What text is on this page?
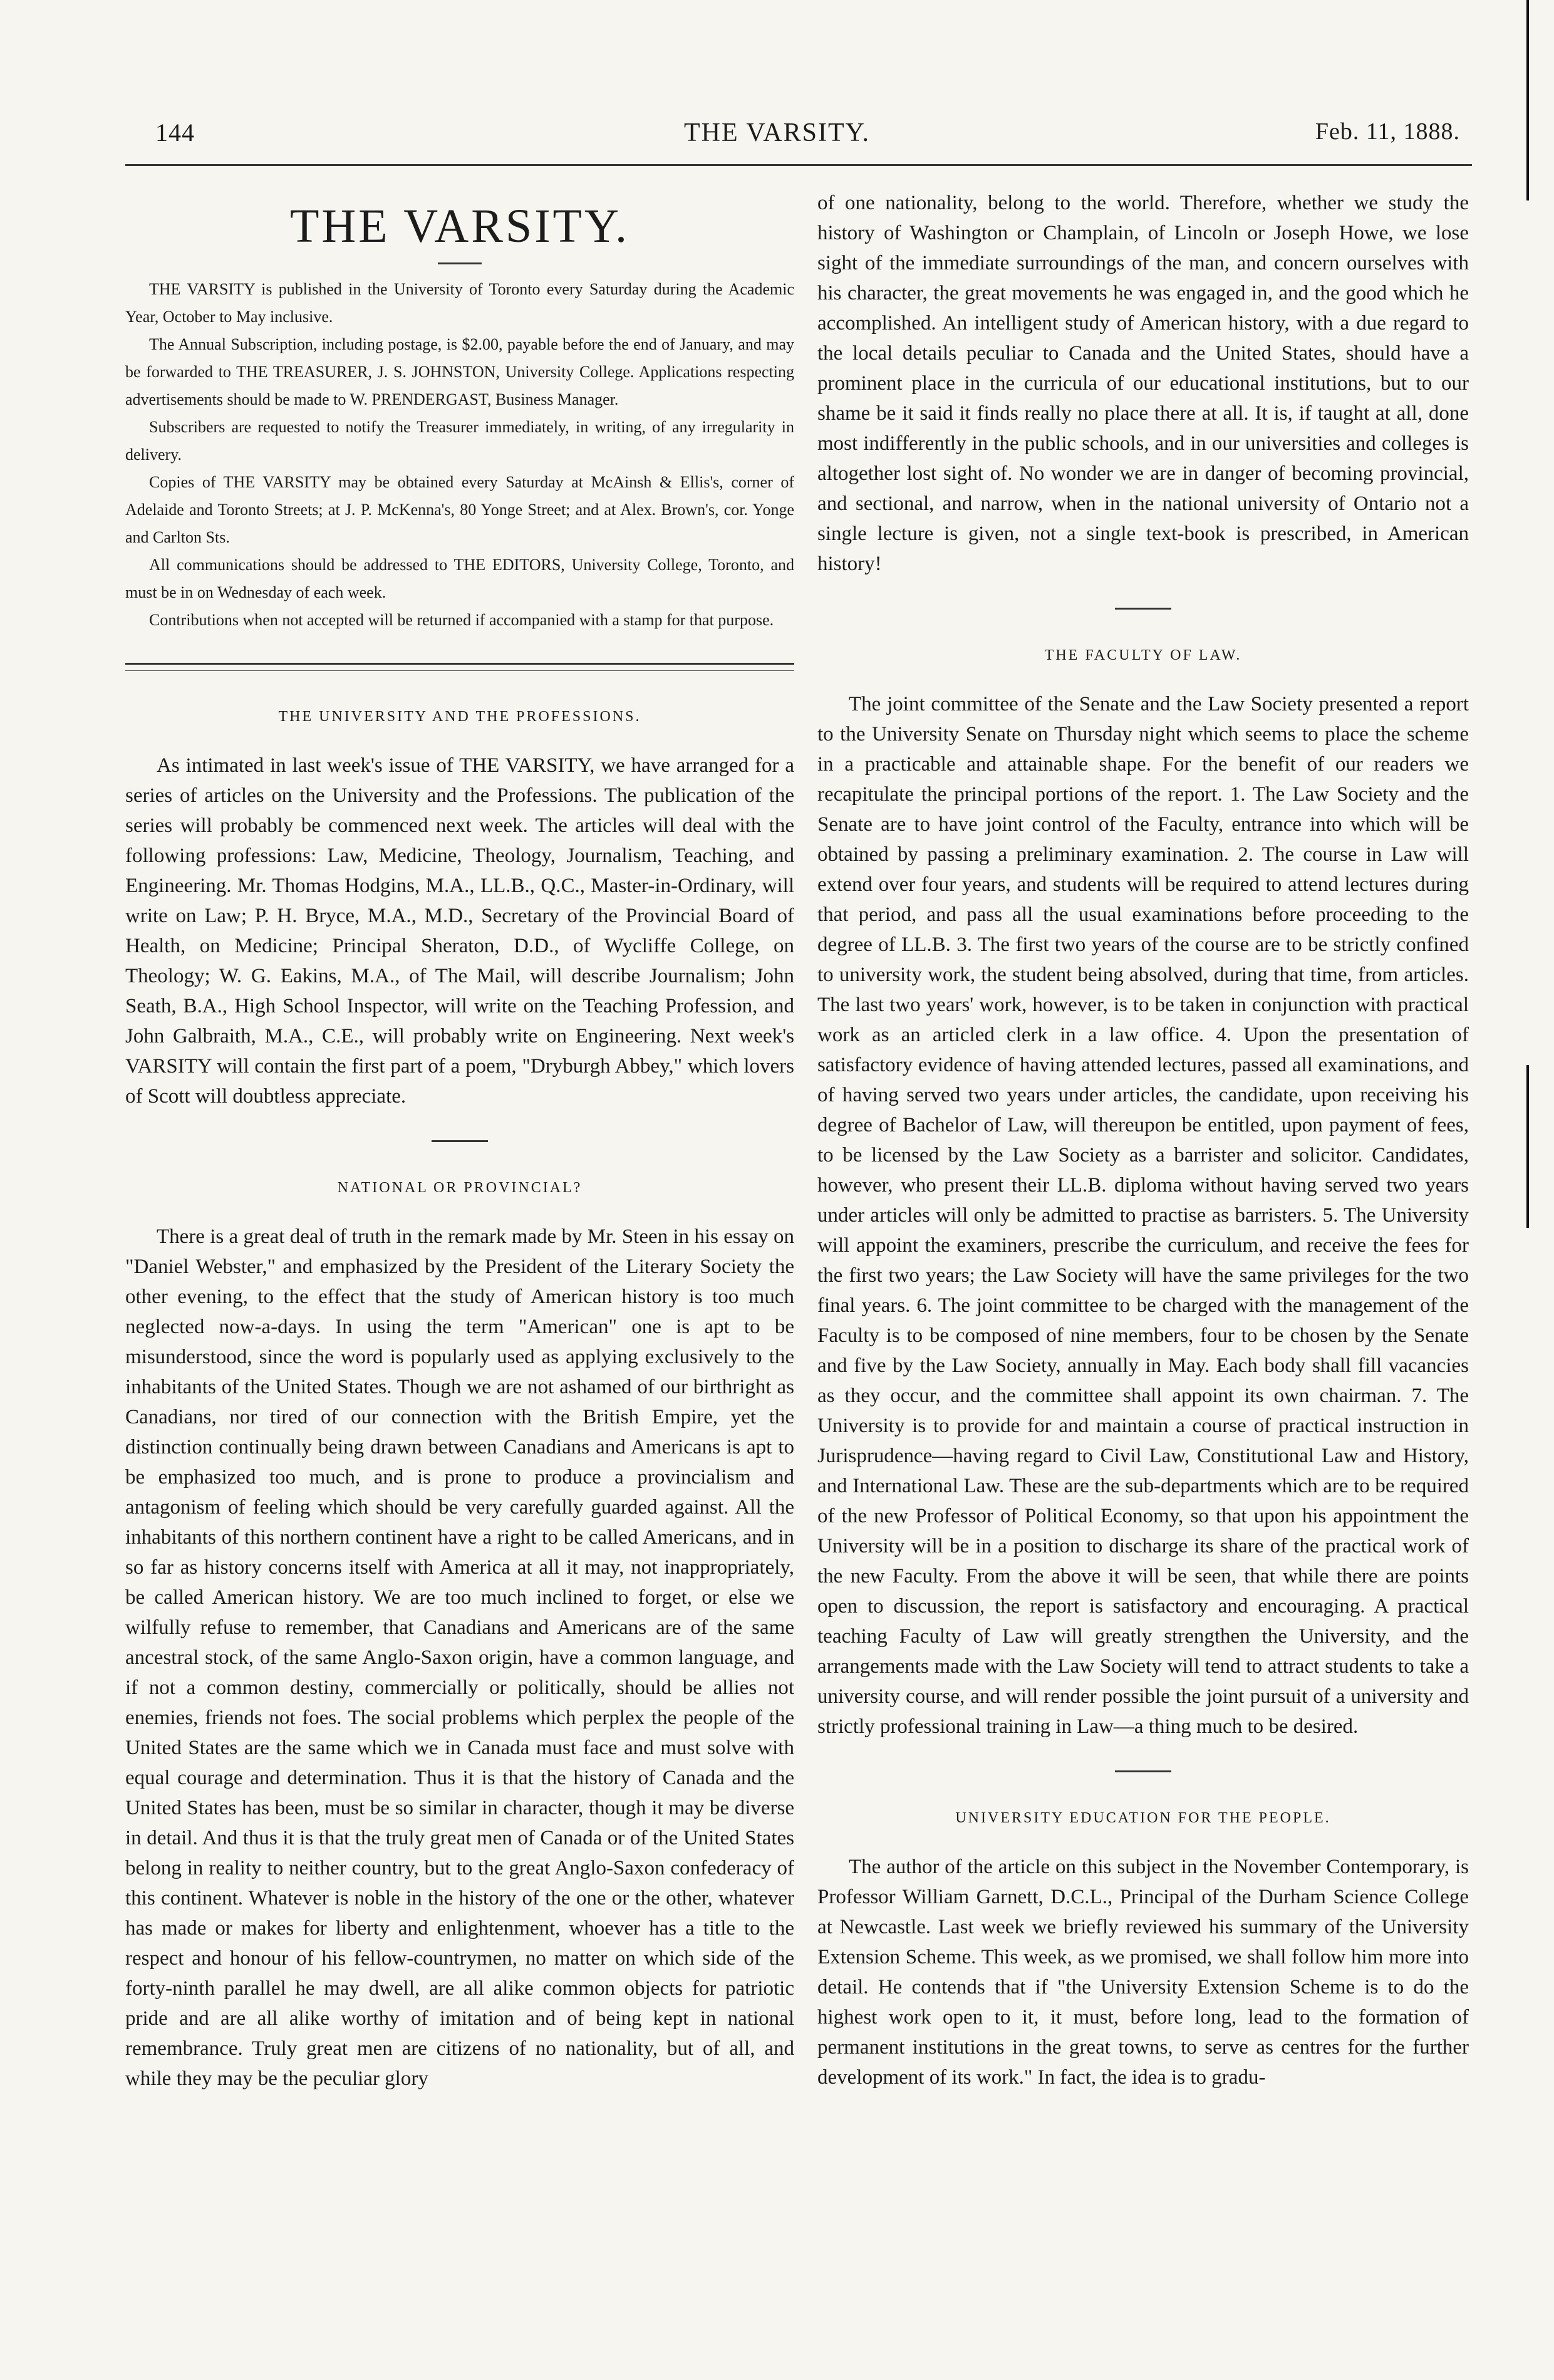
144	THE VARSITY.	Feb. 11, 1888.
THE VARSITY.

THE VARSITY is published in the University of Toronto every Saturday during the Academic Year, October to May inclusive.

The Annual Subscription, including postage, is $2.00, payable before the end of January, and may be forwarded to THE TREASURER, J. S. JOHNSTON, University College. Applications respecting advertisements should be made to W. PRENDERGAST, Business Manager.

Subscribers are requested to notify the Treasurer immediately, in writing, of any irregularity in delivery.

Copies of THE VARSITY may be obtained every Saturday at McAinsh & Ellis's, corner of Adelaide and Toronto Streets; at J. P. McKenna's, 80 Yonge Street; and at Alex. Brown's, cor. Yonge and Carlton Sts.

All communications should be addressed to THE EDITORS, University College, Toronto, and must be in on Wednesday of each week.

Contributions when not accepted will be returned if accompanied with a stamp for that purpose.

THE UNIVERSITY AND THE PROFESSIONS.

As intimated in last week's issue of THE VARSITY, we have arranged for a series of articles on the University and the Professions. The publication of the series will probably be commenced next week. The articles will deal with the following professions: Law, Medicine, Theology, Journalism, Teaching, and Engineering. Mr. Thomas Hodgins, M.A., LL.B., Q.C., Master-in-Ordinary, will write on Law; P. H. Bryce, M.A., M.D., Secretary of the Provincial Board of Health, on Medicine; Principal Sheraton, D.D., of Wycliffe College, on Theology; W. G. Eakins, M.A., of The Mail, will describe Journalism; John Seath, B.A., High School Inspector, will write on the Teaching Profession, and John Galbraith, M.A., C.E., will probably write on Engineering. Next week's VARSITY will contain the first part of a poem, "Dryburgh Abbey," which lovers of Scott will doubtless appreciate.

NATIONAL OR PROVINCIAL?

There is a great deal of truth in the remark made by Mr. Steen in his essay on "Daniel Webster," and emphasized by the President of the Literary Society the other evening, to the effect that the study of American history is too much neglected now-a-days. In using the term "American" one is apt to be misunderstood, since the word is popularly used as applying exclusively to the inhabitants of the United States. Though we are not ashamed of our birthright as Canadians, nor tired of our connection with the British Empire, yet the distinction continually being drawn between Canadians and Americans is apt to be emphasized too much, and is prone to produce a provincialism and antagonism of feeling which should be very carefully guarded against. All the inhabitants of this northern continent have a right to be called Americans, and in so far as history concerns itself with America at all it may, not inappropriately, be called American history. We are too much inclined to forget, or else we wilfully refuse to remember, that Canadians and Americans are of the same ancestral stock, of the same Anglo-Saxon origin, have a common language, and if not a common destiny, commercially or politically, should be allies not enemies, friends not foes. The social problems which perplex the people of the United States are the same which we in Canada must face and must solve with equal courage and determination. Thus it is that the history of Canada and the United States has been, must be so similar in character, though it may be diverse in detail. And thus it is that the truly great men of Canada or of the United States belong in reality to neither country, but to the great Anglo-Saxon confederacy of this continent. Whatever is noble in the history of the one or the other, whatever has made or makes for liberty and enlightenment, whoever has a title to the respect and honour of his fellow-countrymen, no matter on which side of the forty-ninth parallel he may dwell, are all alike common objects for patriotic pride and are all alike worthy of imitation and of being kept in national remembrance. Truly great men are citizens of no nationality, but of all, and while they may be the peculiar glory

of one nationality, belong to the world. Therefore, whether we study the history of Washington or Champlain, of Lincoln or Joseph Howe, we lose sight of the immediate surroundings of the man, and concern ourselves with his character, the great movements he was engaged in, and the good which he accomplished. An intelligent study of American history, with a due regard to the local details peculiar to Canada and the United States, should have a prominent place in the curricula of our educational institutions, but to our shame be it said it finds really no place there at all. It is, if taught at all, done most indifferently in the public schools, and in our universities and colleges is altogether lost sight of. No wonder we are in danger of becoming provincial, and sectional, and narrow, when in the national university of Ontario not a single lecture is given, not a single text-book is prescribed, in American history!

THE FACULTY OF LAW.

The joint committee of the Senate and the Law Society presented a report to the University Senate on Thursday night which seems to place the scheme in a practicable and attainable shape. For the benefit of our readers we recapitulate the principal portions of the report. 1. The Law Society and the Senate are to have joint control of the Faculty, entrance into which will be obtained by passing a preliminary examination. 2. The course in Law will extend over four years, and students will be required to attend lectures during that period, and pass all the usual examinations before proceeding to the degree of LL.B. 3. The first two years of the course are to be strictly confined to university work, the student being absolved, during that time, from articles. The last two years' work, however, is to be taken in conjunction with practical work as an articled clerk in a law office. 4. Upon the presentation of satisfactory evidence of having attended lectures, passed all examinations, and of having served two years under articles, the candidate, upon receiving his degree of Bachelor of Law, will thereupon be entitled, upon payment of fees, to be licensed by the Law Society as a barrister and solicitor. Candidates, however, who present their LL.B. diploma without having served two years under articles will only be admitted to practise as barristers. 5. The University will appoint the examiners, prescribe the curriculum, and receive the fees for the first two years; the Law Society will have the same privileges for the two final years. 6. The joint committee to be charged with the management of the Faculty is to be composed of nine members, four to be chosen by the Senate and five by the Law Society, annually in May. Each body shall fill vacancies as they occur, and the committee shall appoint its own chairman. 7. The University is to provide for and maintain a course of practical instruction in Jurisprudence—having regard to Civil Law, Constitutional Law and History, and International Law. These are the sub-departments which are to be required of the new Professor of Political Economy, so that upon his appointment the University will be in a position to discharge its share of the practical work of the new Faculty. From the above it will be seen, that while there are points open to discussion, the report is satisfactory and encouraging. A practical teaching Faculty of Law will greatly strengthen the University, and the arrangements made with the Law Society will tend to attract students to take a university course, and will render possible the joint pursuit of a university and strictly professional training in Law—a thing much to be desired.

UNIVERSITY EDUCATION FOR THE PEOPLE.

The author of the article on this subject in the November Contemporary, is Professor William Garnett, D.C.L., Principal of the Durham Science College at Newcastle. Last week we briefly reviewed his summary of the University Extension Scheme. This week, as we promised, we shall follow him more into detail. He contends that if "the University Extension Scheme is to do the highest work open to it, it must, before long, lead to the formation of permanent institutions in the great towns, to serve as centres for the further development of its work." In fact, the idea is to gradu-
